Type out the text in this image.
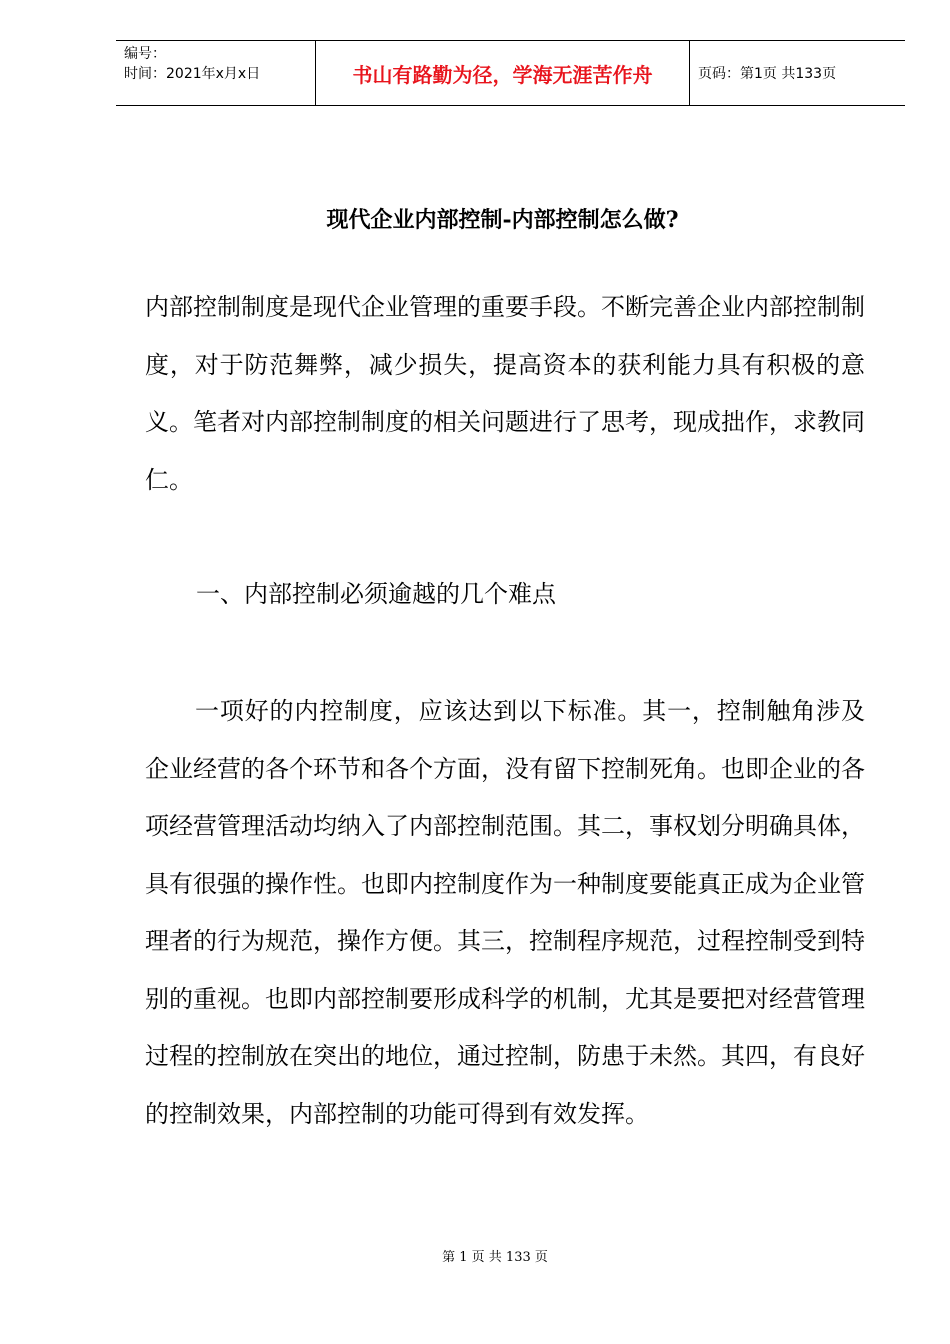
编号：
时间：2021年x月x日	书山有路勤为径，学海无涯苦作舟	页码：第1页 共133页
现代企业内部控制-内部控制怎么做?

内部控制制度是现代企业管理的重要手段。不断完善企业内部控制制度，对于防范舞弊，减少损失，提高资本的获利能力具有积极的意义。笔者对内部控制制度的相关问题进行了思考，现成拙作，求教同仁。

一、内部控制必须逾越的几个难点

一项好的内控制度，应该达到以下标准。其一，控制触角涉及企业经营的各个环节和各个方面，没有留下控制死角。也即企业的各项经营管理活动均纳入了内部控制范围。其二，事权划分明确具体，具有很强的操作性。也即内控制度作为一种制度要能真正成为企业管理者的行为规范，操作方便。其三，控制程序规范，过程控制受到特别的重视。也即内部控制要形成科学的机制，尤其是要把对经营管理过程的控制放在突出的地位，通过控制，防患于未然。其四，有良好的控制效果，内部控制的功能可得到有效发挥。

第 1 页 共 133 页
